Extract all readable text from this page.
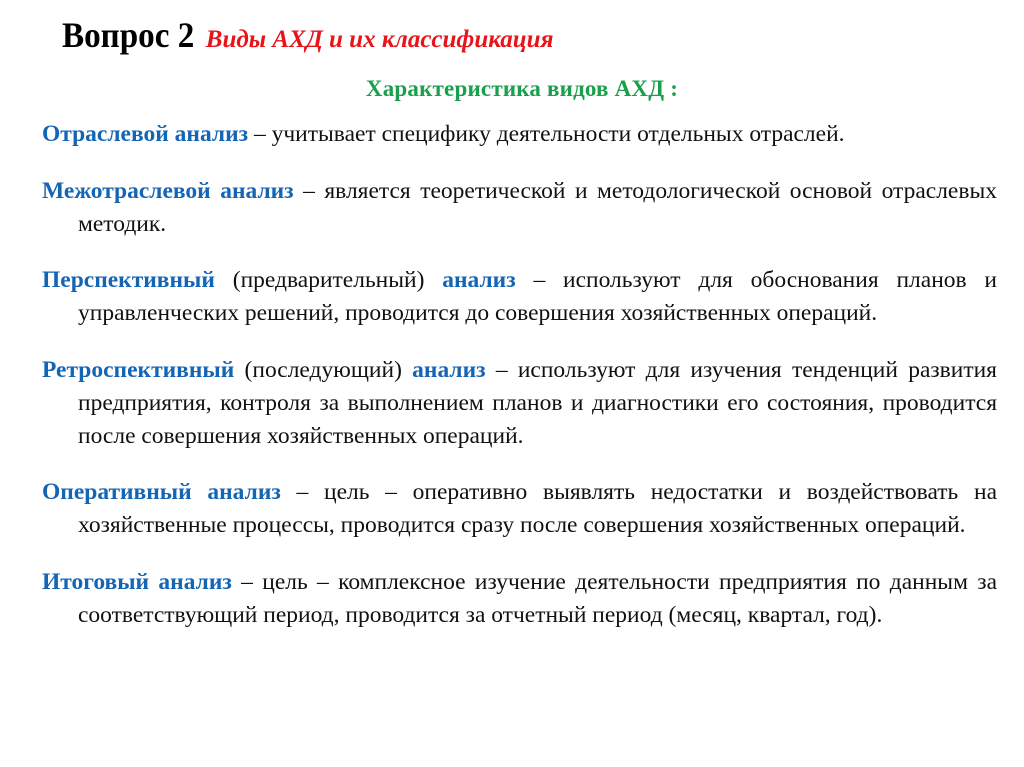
Вопрос 2 Виды АХД и их классификация
Характеристика видов АХД :

Отраслевой анализ – учитывает специфику деятельности отдельных отраслей.

Межотраслевой анализ – является теоретической и методологической основой отраслевых методик.

Перспективный (предварительный) анализ – используют для обоснования планов и управленческих решений, проводится до совершения хозяйственных операций.

Ретроспективный (последующий) анализ – используют для изучения тенденций развития предприятия, контроля за выполнением планов и диагностики его состояния, проводится после совершения хозяйственных операций.

Оперативный анализ – цель – оперативно выявлять недостатки и воздействовать на хозяйственные процессы, проводится сразу после совершения хозяйственных операций.

Итоговый анализ – цель – комплексное изучение деятельности предприятия по данным за соответствующий период, проводится за отчетный период (месяц, квартал, год).
